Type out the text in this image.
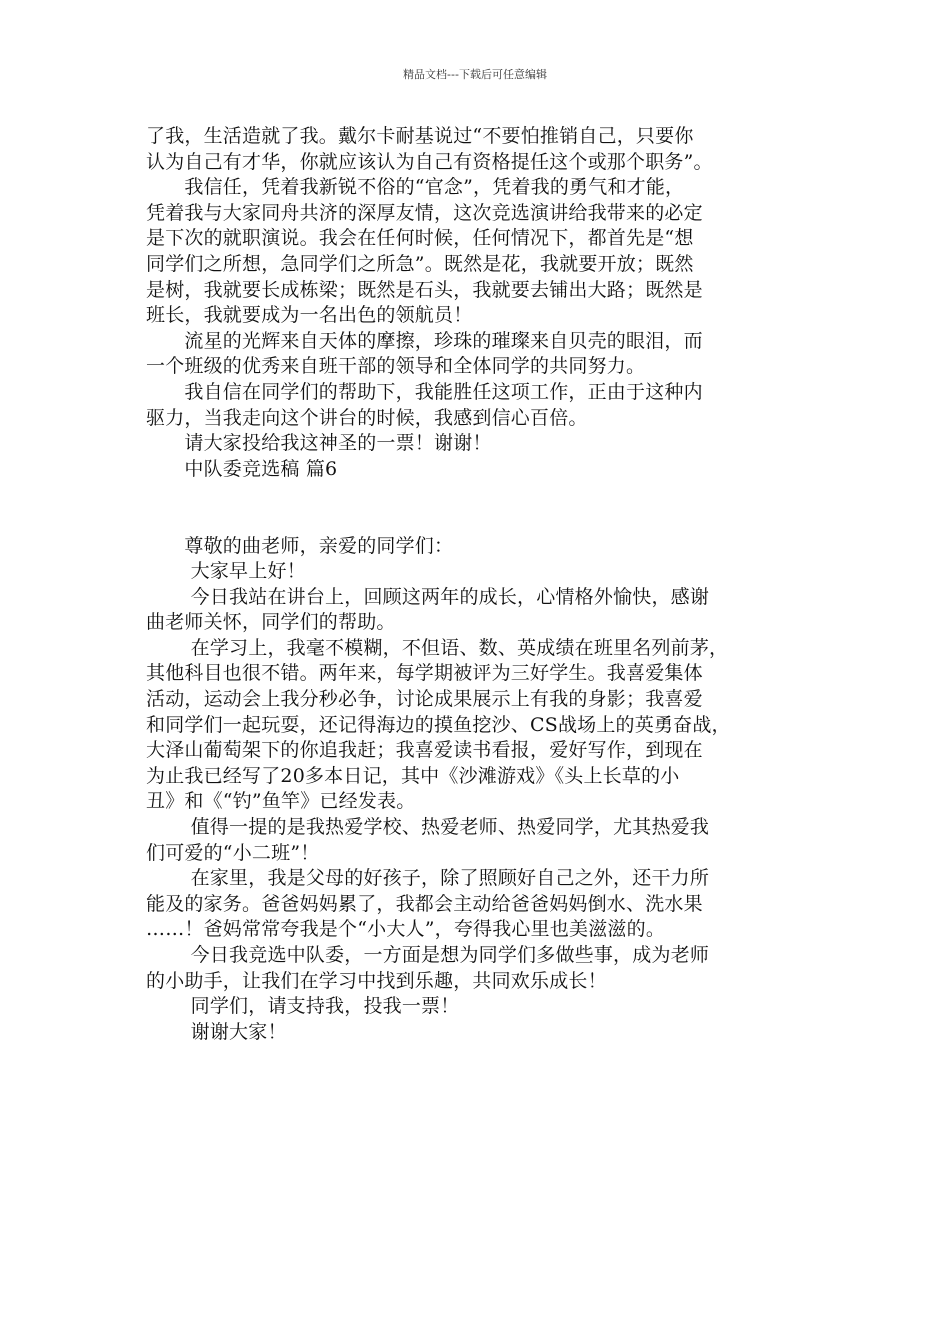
精品文档---下载后可任意编辑
了我，生活造就了我。戴尔卡耐基说过“不要怕推销自己，只要你
认为自己有才华，你就应该认为自己有资格提任这个或那个职务”。
　　我信任，凭着我新锐不俗的“官念”，凭着我的勇气和才能，
凭着我与大家同舟共济的深厚友情，这次竞选演讲给我带来的必定
是下次的就职演说。我会在任何时候，任何情况下，都首先是“想
同学们之所想，急同学们之所急”。既然是花，我就要开放；既然
是树，我就要长成栋梁；既然是石头，我就要去铺出大路；既然是
班长，我就要成为一名出色的领航员！
　　流星的光辉来自天体的摩擦，珍珠的璀璨来自贝壳的眼泪，而
一个班级的优秀来自班干部的领导和全体同学的共同努力。
　　我自信在同学们的帮助下，我能胜任这项工作，正由于这种内
驱力，当我走向这个讲台的时候，我感到信心百倍。
　　请大家投给我这神圣的一票！谢谢！
　　中队委竞选稿 篇6
　　尊敬的曲老师，亲爱的同学们：
　　 大家早上好！
　　 今日我站在讲台上，回顾这两年的成长，心情格外愉快，感谢
曲老师关怀，同学们的帮助。
　　 在学习上，我毫不模糊，不但语、数、英成绩在班里名列前茅，
其他科目也很不错。两年来，每学期被评为三好学生。我喜爱集体
活动，运动会上我分秒必争，讨论成果展示上有我的身影；我喜爱
和同学们一起玩耍，还记得海边的摸鱼挖沙、CS战场上的英勇奋战，
大泽山葡萄架下的你追我赶；我喜爱读书看报，爱好写作，到现在
为止我已经写了20多本日记，其中《沙滩游戏》《头上长草的小
丑》和《“钓”鱼竿》已经发表。
　　 值得一提的是我热爱学校、热爱老师、热爱同学，尤其热爱我
们可爱的“小二班”！
　　 在家里，我是父母的好孩子，除了照顾好自己之外，还干力所
能及的家务。爸爸妈妈累了，我都会主动给爸爸妈妈倒水、洗水果
……！爸妈常常夸我是个“小大人”，夸得我心里也美滋滋的。
　　 今日我竞选中队委，一方面是想为同学们多做些事，成为老师
的小助手，让我们在学习中找到乐趣，共同欢乐成长！
　　 同学们，请支持我，投我一票！
　　 谢谢大家！
